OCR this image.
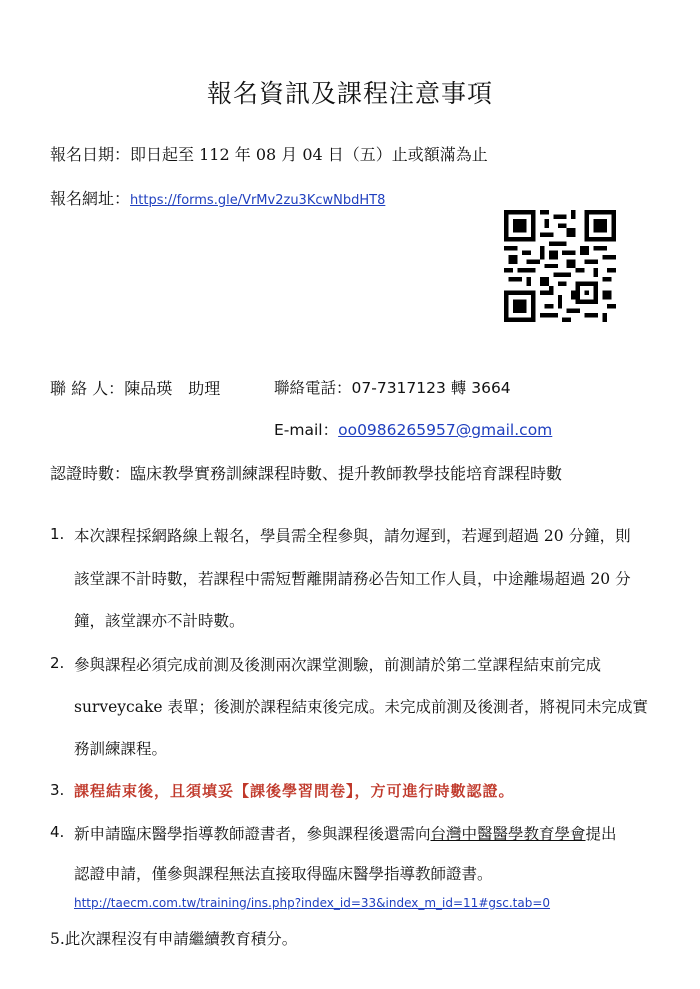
報名資訊及課程注意事項
報名日期：即日起至 112 年 08 月 04 日（五）止或額滿為止
報名網址：https://forms.gle/VrMv2zu3KcwNbdHT8
聯 絡 人：陳品瑛　助理	聯絡電話：07-7317123 轉 3664
E-mail：oo0986265957@gmail.com
認證時數：臨床教學實務訓練課程時數、提升教師教學技能培育課程時數
1. 本次課程採網路線上報名，學員需全程參與，請勿遲到，若遲到超過 20 分鐘，則
該堂課不計時數，若課程中需短暫離開請務必告知工作人員，中途離場超過 20 分
鐘，該堂課亦不計時數。
2. 參與課程必須完成前測及後測兩次課堂測驗，前測請於第二堂課程結束前完成
surveycake 表單；後測於課程結束後完成。未完成前測及後測者，將視同未完成實
務訓練課程。
3. 課程結束後，且須填妥【課後學習問卷】，方可進行時數認證。
4. 新申請臨床醫學指導教師證書者，參與課程後還需向台灣中醫醫學教育學會提出
認證申請，僅參與課程無法直接取得臨床醫學指導教師證書。
http://taecm.com.tw/training/ins.php?index_id=33&index_m_id=11#gsc.tab=0
5.此次課程沒有申請繼續教育積分。
